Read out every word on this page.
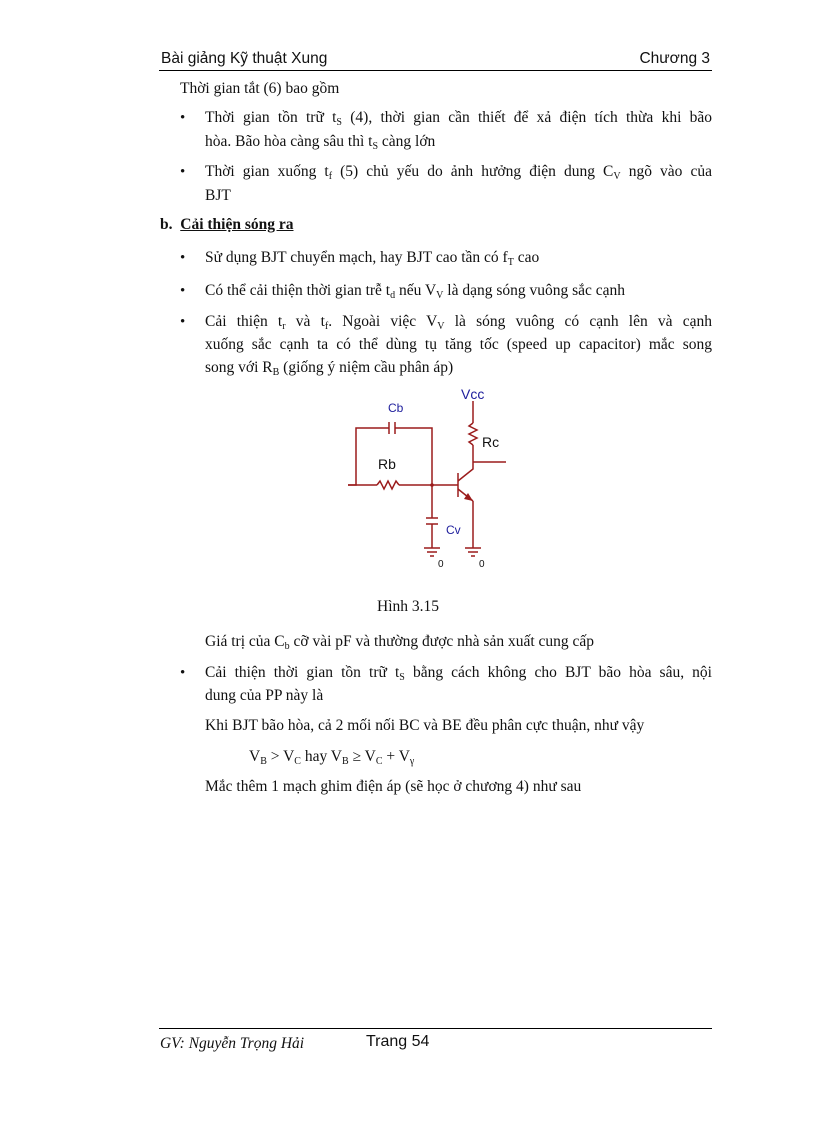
Bài giảng Kỹ thuật Xung	Chương 3
Thời gian tắt (6) bao gồm
• Thời gian tồn trữ $t_S$ (4), thời gian cần thiết để xả điện tích thừa khi bão
hòa. Bão hòa càng sâu thì $t_S$ càng lớn
• Thời gian xuống $t_f$ (5) chủ yếu do ảnh hưởng điện dung $C_V$ ngõ vào của
BJT
b. Cải thiện sóng ra
• Sử dụng BJT chuyển mạch, hay BJT cao tần có $f_T$ cao
• Có thể cải thiện thời gian trễ $t_d$ nếu $V_V$ là dạng sóng vuông sắc cạnh
• Cải thiện $t_r$ và $t_f$. Ngoài việc $V_V$ là sóng vuông có cạnh lên và cạnh
xuống sắc cạnh ta có thể dùng tụ tăng tốc (speed up capacitor) mắc song
song với $R_B$ (giống ý niệm cầu phân áp)
Vcc
Cb
Rb
Rc
Cv
0	0
Hình 3.15
Giá trị của $C_b$ cỡ vài pF và thường được nhà sản xuất cung cấp
• Cải thiện thời gian tồn trữ $t_S$ bằng cách không cho BJT bão hòa sâu, nội
dung của PP này là
Khi BJT bão hòa, cả 2 mối nối BC và BE đều phân cực thuận, như vậy
$V_B > V_C$ hay $V_B \ge V_C + V_\gamma$
Mắc thêm 1 mạch ghim điện áp (sẽ học ở chương 4) như sau
GV: Nguyễn Trọng Hải	Trang 54
